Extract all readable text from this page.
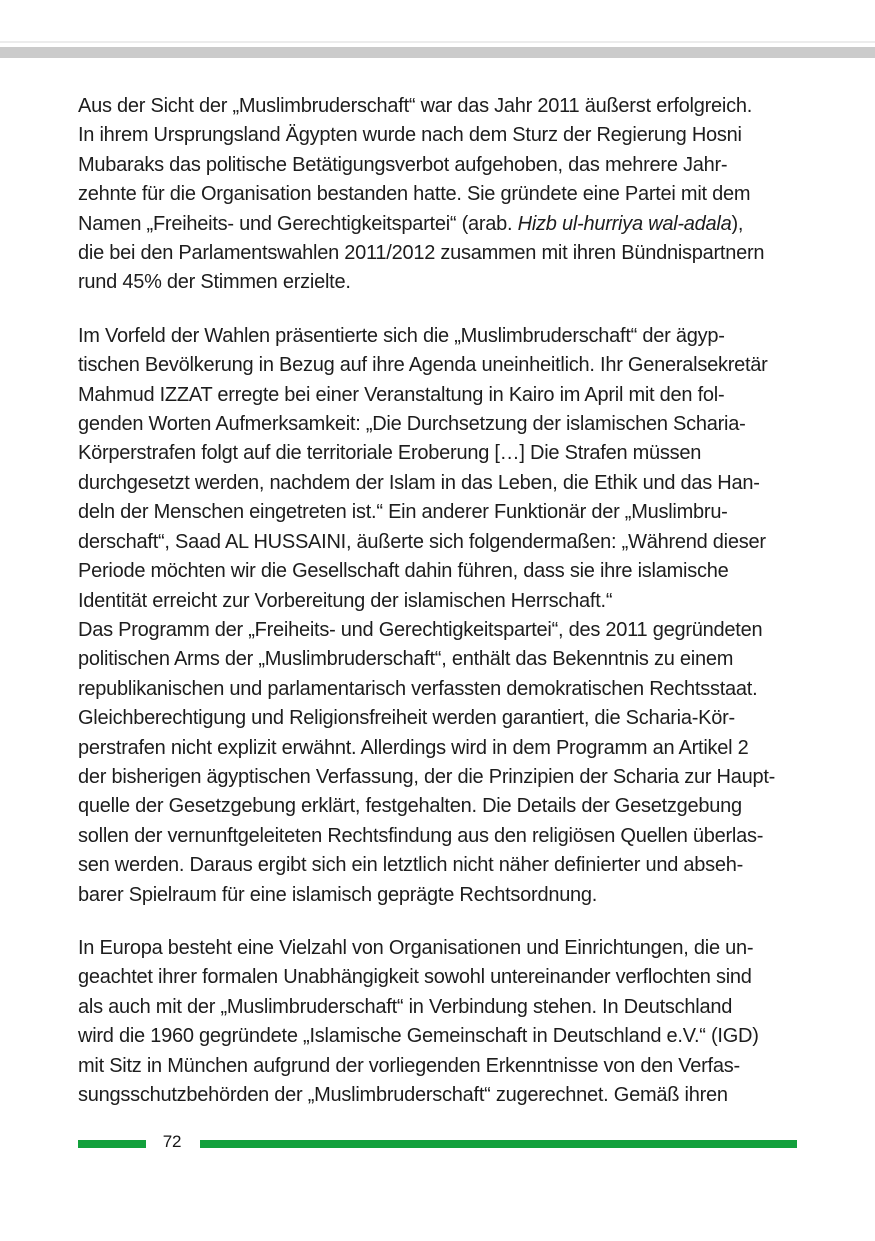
Aus der Sicht der „Muslimbruderschaft“ war das Jahr 2011 äußerst erfolgreich.
In ihrem Ursprungsland Ägypten wurde nach dem Sturz der Regierung Hosni
Mubaraks das politische Betätigungsverbot aufgehoben, das mehrere Jahr-
zehnte für die Organisation bestanden hatte. Sie gründete eine Partei mit dem
Namen „Freiheits- und Gerechtigkeitspartei“ (arab. Hizb ul-hurriya wal-adala),
die bei den Parlamentswahlen 2011/2012 zusammen mit ihren Bündnispartnern
rund 45% der Stimmen erzielte.
Im Vorfeld der Wahlen präsentierte sich die „Muslimbruderschaft“ der ägyp-
tischen Bevölkerung in Bezug auf ihre Agenda uneinheitlich. Ihr Generalsekretär
Mahmud IZZAT erregte bei einer Veranstaltung in Kairo im April mit den fol-
genden Worten Aufmerksamkeit: „Die Durchsetzung der islamischen Scharia-
Körperstrafen folgt auf die territoriale Eroberung […] Die Strafen müssen
durchgesetzt werden, nachdem der Islam in das Leben, die Ethik und das Han-
deln der Menschen eingetreten ist.“ Ein anderer Funktionär der „Muslimbru-
derschaft“, Saad AL HUSSAINI, äußerte sich folgendermaßen: „Während dieser
Periode möchten wir die Gesellschaft dahin führen, dass sie ihre islamische
Identität erreicht zur Vorbereitung der islamischen Herrschaft.“
Das Programm der „Freiheits- und Gerechtigkeitspartei“, des 2011 gegründeten
politischen Arms der „Muslimbruderschaft“, enthält das Bekenntnis zu einem
republikanischen und parlamentarisch verfassten demokratischen Rechtsstaat.
Gleichberechtigung und Religionsfreiheit werden garantiert, die Scharia-Kör-
perstrafen nicht explizit erwähnt. Allerdings wird in dem Programm an Artikel 2
der bisherigen ägyptischen Verfassung, der die Prinzipien der Scharia zur Haupt-
quelle der Gesetzgebung erklärt, festgehalten. Die Details der Gesetzgebung
sollen der vernunftgeleiteten Rechtsfindung aus den religiösen Quellen überlas-
sen werden. Daraus ergibt sich ein letztlich nicht näher definierter und abseh-
barer Spielraum für eine islamisch geprägte Rechtsordnung.
In Europa besteht eine Vielzahl von Organisationen und Einrichtungen, die un-
geachtet ihrer formalen Unabhängigkeit sowohl untereinander verflochten sind
als auch mit der „Muslimbruderschaft“ in Verbindung stehen. In Deutschland
wird die 1960 gegründete „Islamische Gemeinschaft in Deutschland e.V.“ (IGD)
mit Sitz in München aufgrund der vorliegenden Erkenntnisse von den Verfas-
sungsschutzbehörden der „Muslimbruderschaft“ zugerechnet. Gemäß ihren
72
